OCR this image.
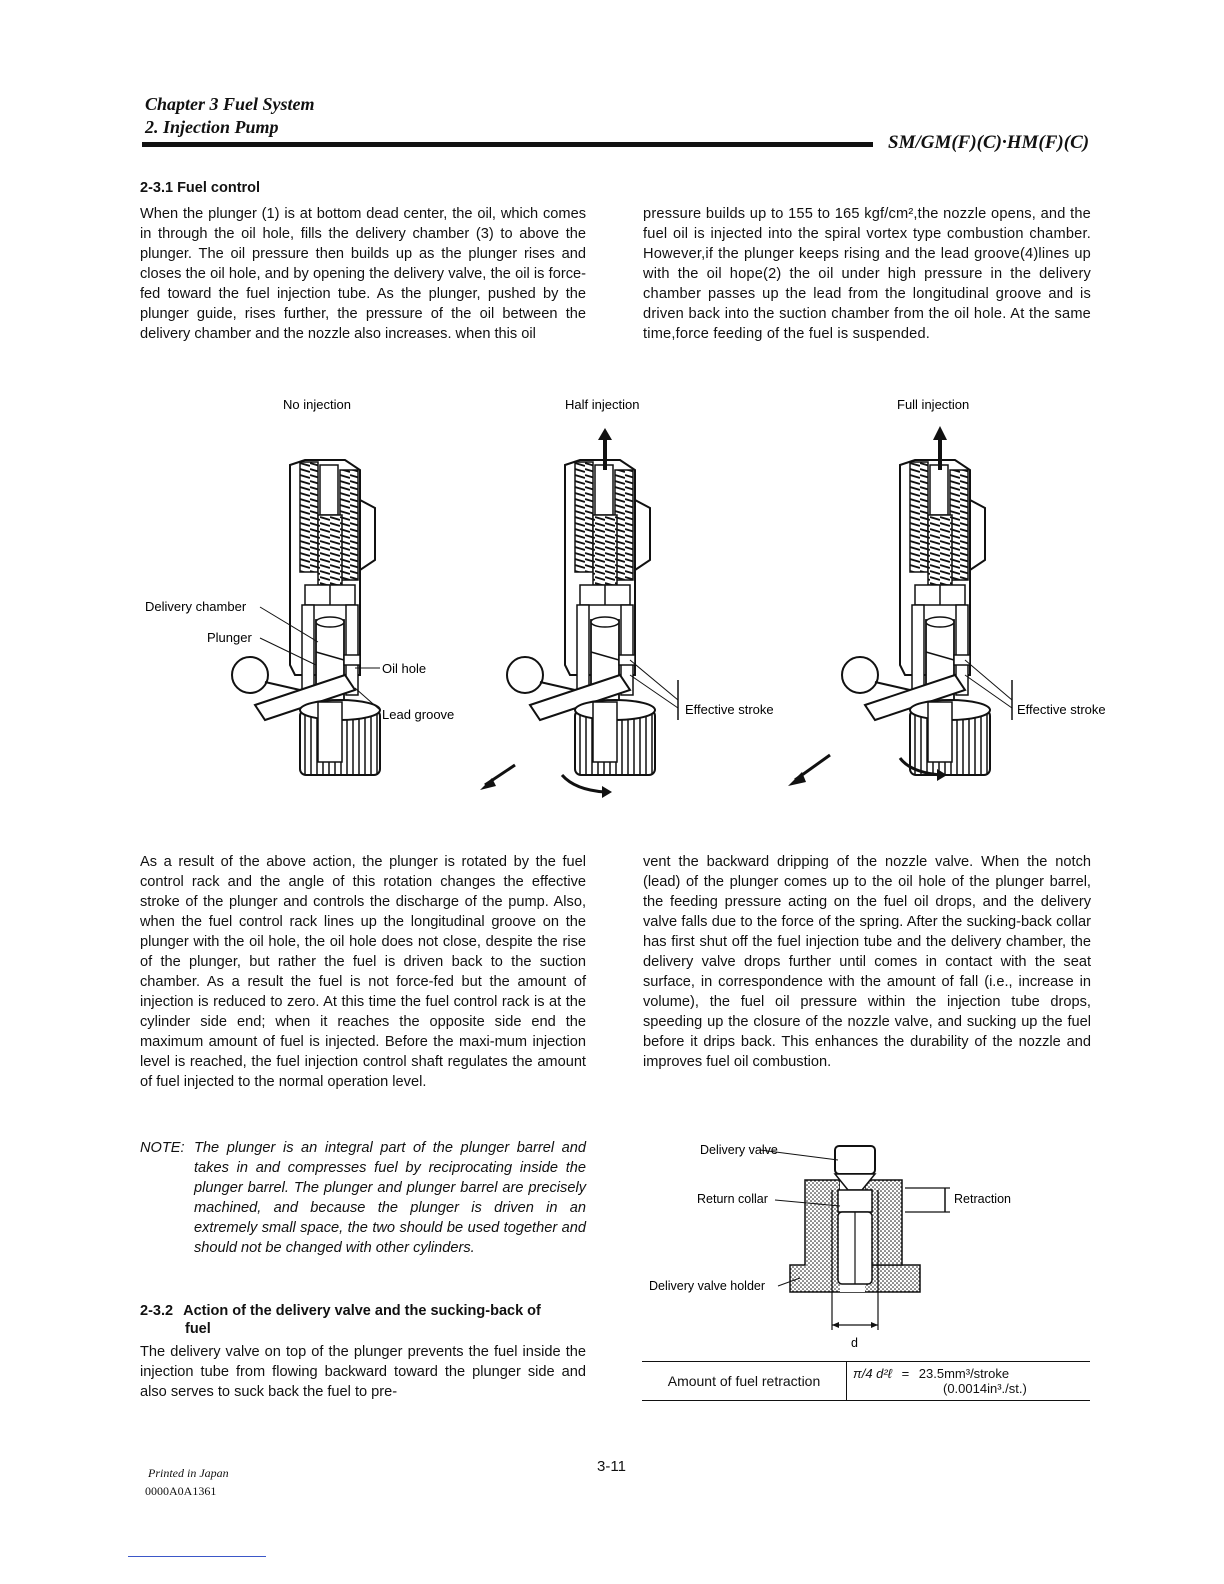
Chapter 3 Fuel System
2. Injection Pump
SM/GM(F)(C)·HM(F)(C)
2-3.1 Fuel control

When the plunger (1) is at bottom dead center, the oil, which comes in through the oil hole, fills the delivery chamber (3) to above the plunger. The oil pressure then builds up as the plunger rises and closes the oil hole, and by opening the delivery valve, the oil is force-fed toward the fuel injection tube. As the plunger, pushed by the plunger guide, rises further, the pressure of the oil between the delivery chamber and the nozzle also increases. when this oil

pressure builds up to 155 to 165 kgf/cm²,the nozzle opens, and the fuel oil is injected into the spiral vortex type combustion chamber. However,if the plunger keeps rising and the lead groove(4)lines up with the oil hope(2) the oil under high pressure in the delivery chamber passes up the lead from the longitudinal groove and is driven back into the suction chamber from the oil hole. At the same time,force feeding of the fuel is suspended.

No injection	Half injection	Full injection
Delivery chamber
Plunger
Oil hole
Lead groove	Effective stroke	Effective stroke

As a result of the above action, the plunger is rotated by the fuel control rack and the angle of this rotation changes the effective stroke of the plunger and controls the discharge of the pump. Also, when the fuel control rack lines up the longitudinal groove on the plunger with the oil hole, the oil hole does not close, despite the rise of the plunger, but rather the fuel is driven back to the suction chamber. As a result the fuel is not force-fed but the amount of injection is reduced to zero. At this time the fuel control rack is at the cylinder side end; when it reaches the opposite side end the maximum amount of fuel is injected. Before the maxi-mum injection level is reached, the fuel injection control shaft regulates the amount of fuel injected to the normal operation level.

NOTE: The plunger is an integral part of the plunger barrel and takes in and compresses fuel by reciprocating inside the plunger barrel. The plunger and plunger barrel are precisely machined, and because the plunger is driven in an extremely small space, the two should be used together and should not be changed with other cylinders.
2-3.2 Action of the delivery valve and the sucking-back of
fuel

The delivery valve on top of the plunger prevents the fuel inside the injection tube from flowing backward toward the plunger side and also serves to suck back the fuel to pre-

vent the backward dripping of the nozzle valve. When the notch (lead) of the plunger comes up to the oil hole of the plunger barrel, the feeding pressure acting on the fuel oil drops, and the delivery valve falls due to the force of the spring. After the sucking-back collar has first shut off the fuel injection tube and the delivery chamber, the delivery valve drops further until comes in contact with the seat surface, in correspondence with the amount of fall (i.e., increase in volume), the fuel oil pressure within the injection tube drops, speeding up the closure of the nozzle valve, and sucking up the fuel before it drips back. This enhances the durability of the nozzle and improves fuel oil combustion.

d
Retraction
Delivery valve
Return collar
Delivery valve holder
Amount of fuel retraction	π/4 d²ℓ = 23.5mm³/stroke
(0.0014in³./st.)
3-11
Printed in Japan
0000A0A1361
